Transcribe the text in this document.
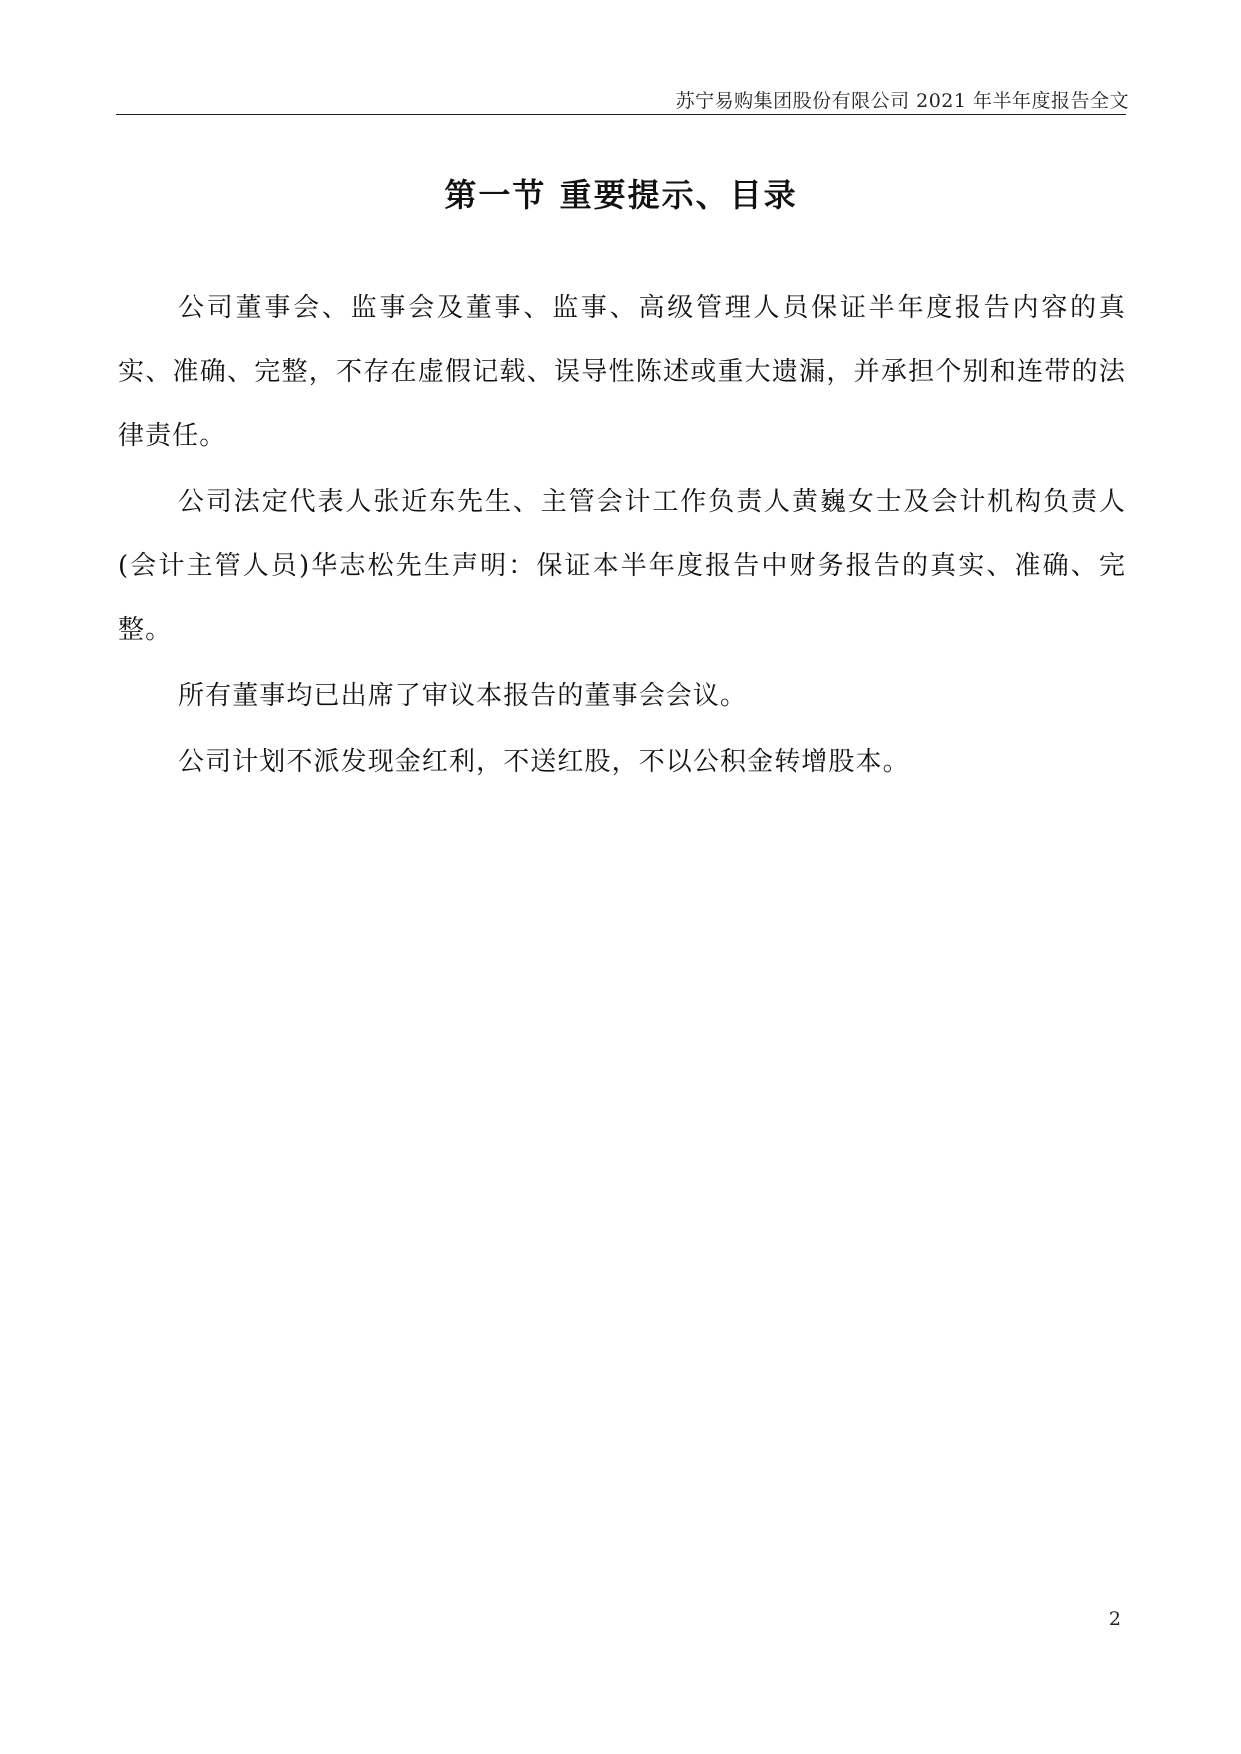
苏宁易购集团股份有限公司 2021 年半年度报告全文
第一节 重要提示、目录

公司董事会、监事会及董事、监事、高级管理人员保证半年度报告内容的真实、准确、完整，不存在虚假记载、误导性陈述或重大遗漏，并承担个别和连带的法律责任。

公司法定代表人张近东先生、主管会计工作负责人黄巍女士及会计机构负责人(会计主管人员)华志松先生声明：保证本半年度报告中财务报告的真实、准确、完整。

所有董事均已出席了审议本报告的董事会会议。

公司计划不派发现金红利，不送红股，不以公积金转增股本。

2
